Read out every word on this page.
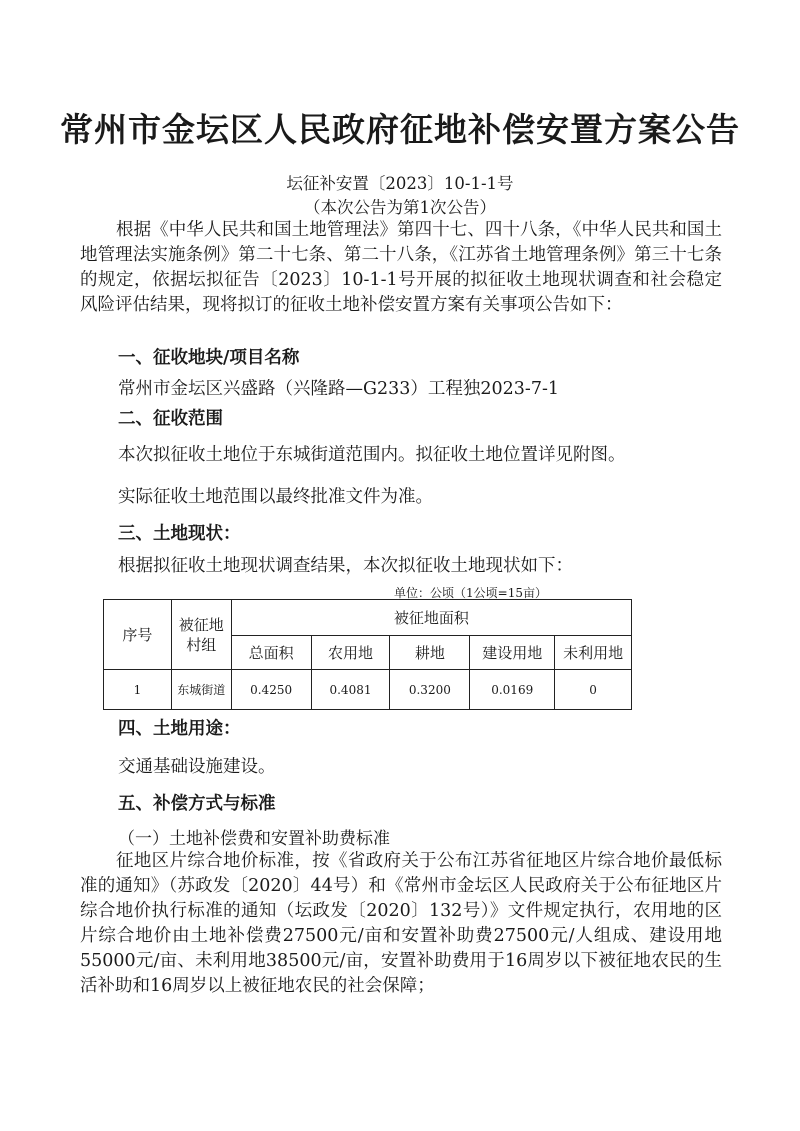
常州市金坛区人民政府征地补偿安置方案公告
坛征补安置〔2023〕10-1-1号
（本次公告为第1次公告）
根据《中华人民共和国土地管理法》第四十七、四十八条，《中华人民共和国土地管理法实施条例》第二十七条、第二十八条，《江苏省土地管理条例》第三十七条的规定，依据坛拟征告〔2023〕10-1-1号开展的拟征收土地现状调查和社会稳定风险评估结果，现将拟订的征收土地补偿安置方案有关事项公告如下：
一、征收地块/项目名称
常州市金坛区兴盛路（兴隆路—G233）工程独2023-7-1
二、征收范围
本次拟征收土地位于东城街道范围内。拟征收土地位置详见附图。
实际征收土地范围以最终批准文件为准。
三、土地现状：
根据拟征收土地现状调查结果，本次拟征收土地现状如下：
单位：公顷（1公顷=15亩）
序号	被征地村组	被征地面积				
		总面积	农用地	耕地	建设用地	未利用地
1	东城街道	0.4250	0.4081	0.3200	0.0169	0
四、土地用途：
交通基础设施建设。
五、补偿方式与标准
（一）土地补偿费和安置补助费标准
征地区片综合地价标准，按《省政府关于公布江苏省征地区片综合地价最低标准的通知》（苏政发〔2020〕44号）和《常州市金坛区人民政府关于公布征地区片综合地价执行标准的通知（坛政发〔2020〕132号）》文件规定执行，农用地的区片综合地价由土地补偿费27500元/亩和安置补助费27500元/人组成、建设用地55000元/亩、未利用地38500元/亩，安置补助费用于16周岁以下被征地农民的生活补助和16周岁以上被征地农民的社会保障；
